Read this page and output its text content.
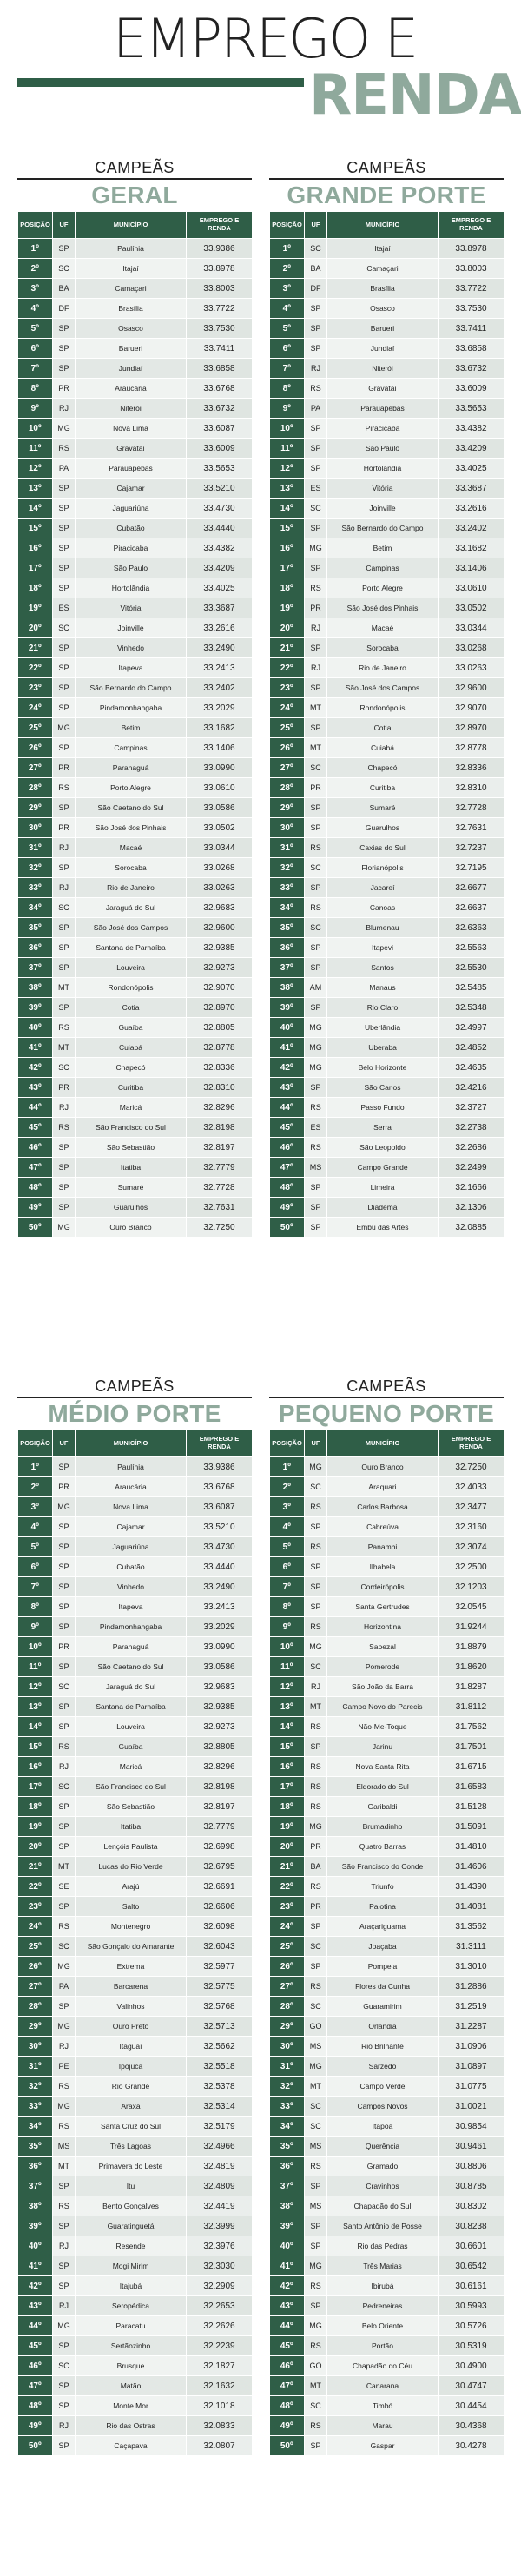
EMPREGO E
RENDA
CAMPEÃS
GERAL
POSIÇÃO	UF	MUNICÍPIO	EMPREGO E RENDA
1º	SP	Paulínia	33.9386
2º	SC	Itajaí	33.8978
3º	BA	Camaçari	33.8003
4º	DF	Brasília	33.7722
5º	SP	Osasco	33.7530
6º	SP	Barueri	33.7411
7º	SP	Jundiaí	33.6858
8º	PR	Araucária	33.6768
9º	RJ	Niterói	33.6732
10º	MG	Nova Lima	33.6087
11º	RS	Gravataí	33.6009
12º	PA	Parauapebas	33.5653
13º	SP	Cajamar	33.5210
14º	SP	Jaguariúna	33.4730
15º	SP	Cubatão	33.4440
16º	SP	Piracicaba	33.4382
17º	SP	São Paulo	33.4209
18º	SP	Hortolândia	33.4025
19º	ES	Vitória	33.3687
20º	SC	Joinville	33.2616
21º	SP	Vinhedo	33.2490
22º	SP	Itapeva	33.2413
23º	SP	São Bernardo do Campo	33.2402
24º	SP	Pindamonhangaba	33.2029
25º	MG	Betim	33.1682
26º	SP	Campinas	33.1406
27º	PR	Paranaguá	33.0990
28º	RS	Porto Alegre	33.0610
29º	SP	São Caetano do Sul	33.0586
30º	PR	São José dos Pinhais	33.0502
31º	RJ	Macaé	33.0344
32º	SP	Sorocaba	33.0268
33º	RJ	Rio de Janeiro	33.0263
34º	SC	Jaraguá do Sul	32.9683
35º	SP	São José dos Campos	32.9600
36º	SP	Santana de Parnaíba	32.9385
37º	SP	Louveira	32.9273
38º	MT	Rondonópolis	32.9070
39º	SP	Cotia	32.8970
40º	RS	Guaíba	32.8805
41º	MT	Cuiabá	32.8778
42º	SC	Chapecó	32.8336
43º	PR	Curitiba	32.8310
44º	RJ	Maricá	32.8296
45º	RS	São Francisco do Sul	32.8198
46º	SP	São Sebastião	32.8197
47º	SP	Itatiba	32.7779
48º	SP	Sumaré	32.7728
49º	SP	Guarulhos	32.7631
50º	MG	Ouro Branco	32.7250
CAMPEÃS
GRANDE PORTE
POSIÇÃO	UF	MUNICÍPIO	EMPREGO E RENDA
1º	SC	Itajaí	33.8978
2º	BA	Camaçari	33.8003
3º	DF	Brasília	33.7722
4º	SP	Osasco	33.7530
5º	SP	Barueri	33.7411
6º	SP	Jundiaí	33.6858
7º	RJ	Niterói	33.6732
8º	RS	Gravataí	33.6009
9º	PA	Parauapebas	33.5653
10º	SP	Piracicaba	33.4382
11º	SP	São Paulo	33.4209
12º	SP	Hortolândia	33.4025
13º	ES	Vitória	33.3687
14º	SC	Joinville	33.2616
15º	SP	São Bernardo do Campo	33.2402
16º	MG	Betim	33.1682
17º	SP	Campinas	33.1406
18º	RS	Porto Alegre	33.0610
19º	PR	São José dos Pinhais	33.0502
20º	RJ	Macaé	33.0344
21º	SP	Sorocaba	33.0268
22º	RJ	Rio de Janeiro	33.0263
23º	SP	São José dos Campos	32.9600
24º	MT	Rondonópolis	32.9070
25º	SP	Cotia	32.8970
26º	MT	Cuiabá	32.8778
27º	SC	Chapecó	32.8336
28º	PR	Curitiba	32.8310
29º	SP	Sumaré	32.7728
30º	SP	Guarulhos	32.7631
31º	RS	Caxias do Sul	32.7237
32º	SC	Florianópolis	32.7195
33º	SP	Jacareí	32.6677
34º	RS	Canoas	32.6637
35º	SC	Blumenau	32.6363
36º	SP	Itapevi	32.5563
37º	SP	Santos	32.5530
38º	AM	Manaus	32.5485
39º	SP	Rio Claro	32.5348
40º	MG	Uberlândia	32.4997
41º	MG	Uberaba	32.4852
42º	MG	Belo Horizonte	32.4635
43º	SP	São Carlos	32.4216
44º	RS	Passo Fundo	32.3727
45º	ES	Serra	32.2738
46º	RS	São Leopoldo	32.2686
47º	MS	Campo Grande	32.2499
48º	SP	Limeira	32.1666
49º	SP	Diadema	32.1306
50º	SP	Embu das Artes	32.0885
CAMPEÃS
MÉDIO PORTE
POSIÇÃO	UF	MUNICÍPIO	EMPREGO E RENDA
1º	SP	Paulínia	33.9386
2º	PR	Araucária	33.6768
3º	MG	Nova Lima	33.6087
4º	SP	Cajamar	33.5210
5º	SP	Jaguariúna	33.4730
6º	SP	Cubatão	33.4440
7º	SP	Vinhedo	33.2490
8º	SP	Itapeva	33.2413
9º	SP	Pindamonhangaba	33.2029
10º	PR	Paranaguá	33.0990
11º	SP	São Caetano do Sul	33.0586
12º	SC	Jaraguá do Sul	32.9683
13º	SP	Santana de Parnaíba	32.9385
14º	SP	Louveira	32.9273
15º	RS	Guaíba	32.8805
16º	RJ	Maricá	32.8296
17º	SC	São Francisco do Sul	32.8198
18º	SP	São Sebastião	32.8197
19º	SP	Itatiba	32.7779
20º	SP	Lençóis Paulista	32.6998
21º	MT	Lucas do Rio Verde	32.6795
22º	SE	Arajú	32.6691
23º	SP	Salto	32.6606
24º	RS	Montenegro	32.6098
25º	SC	São Gonçalo do Amarante	32.6043
26º	MG	Extrema	32.5977
27º	PA	Barcarena	32.5775
28º	SP	Valinhos	32.5768
29º	MG	Ouro Preto	32.5713
30º	RJ	Itaguaí	32.5662
31º	PE	Ipojuca	32.5518
32º	RS	Rio Grande	32.5378
33º	MG	Araxá	32.5314
34º	RS	Santa Cruz do Sul	32.5179
35º	MS	Três Lagoas	32.4966
36º	MT	Primavera do Leste	32.4819
37º	SP	Itu	32.4809
38º	RS	Bento Gonçalves	32.4419
39º	SP	Guaratinguetá	32.3999
40º	RJ	Resende	32.3976
41º	SP	Mogi Mirim	32.3030
42º	SP	Itajubá	32.2909
43º	RJ	Seropédica	32.2653
44º	MG	Paracatu	32.2626
45º	SP	Sertãozinho	32.2239
46º	SC	Brusque	32.1827
47º	SP	Matão	32.1632
48º	SP	Monte Mor	32.1018
49º	RJ	Rio das Ostras	32.0833
50º	SP	Caçapava	32.0807
CAMPEÃS
PEQUENO PORTE
POSIÇÃO	UF	MUNICÍPIO	EMPREGO E RENDA
1º	MG	Ouro Branco	32.7250
2º	SC	Araquari	32.4033
3º	RS	Carlos Barbosa	32.3477
4º	SP	Cabreúva	32.3160
5º	RS	Panambi	32.3074
6º	SP	Ilhabela	32.2500
7º	SP	Cordeirópolis	32.1203
8º	SP	Santa Gertrudes	32.0545
9º	RS	Horizontina	31.9244
10º	MG	Sapezal	31.8879
11º	SC	Pomerode	31.8620
12º	RJ	São João da Barra	31.8287
13º	MT	Campo Novo do Parecis	31.8112
14º	RS	Não-Me-Toque	31.7562
15º	SP	Jarinu	31.7501
16º	RS	Nova Santa Rita	31.6715
17º	RS	Eldorado do Sul	31.6583
18º	RS	Garibaldi	31.5128
19º	MG	Brumadinho	31.5091
20º	PR	Quatro Barras	31.4810
21º	BA	São Francisco do Conde	31.4606
22º	RS	Triunfo	31.4390
23º	PR	Palotina	31.4081
24º	SP	Araçariguama	31.3562
25º	SC	Joaçaba	31.3111
26º	SP	Pompeia	31.3010
27º	RS	Flores da Cunha	31.2886
28º	SC	Guaramirim	31.2519
29º	GO	Orlândia	31.2287
30º	MS	Rio Brilhante	31.0906
31º	MG	Sarzedo	31.0897
32º	MT	Campo Verde	31.0775
33º	SC	Campos Novos	31.0021
34º	SC	Itapoá	30.9854
35º	MS	Querência	30.9461
36º	RS	Gramado	30.8806
37º	SP	Cravinhos	30.8785
38º	MS	Chapadão do Sul	30.8302
39º	SP	Santo Antônio de Posse	30.8238
40º	SP	Rio das Pedras	30.6601
41º	MG	Três Marias	30.6542
42º	RS	Ibirubá	30.6161
43º	SP	Pedreneiras	30.5993
44º	MG	Belo Oriente	30.5726
45º	RS	Portão	30.5319
46º	GO	Chapadão do Céu	30.4900
47º	MT	Canarana	30.4747
48º	SC	Timbó	30.4454
49º	RS	Marau	30.4368
50º	SP	Gaspar	30.4278
